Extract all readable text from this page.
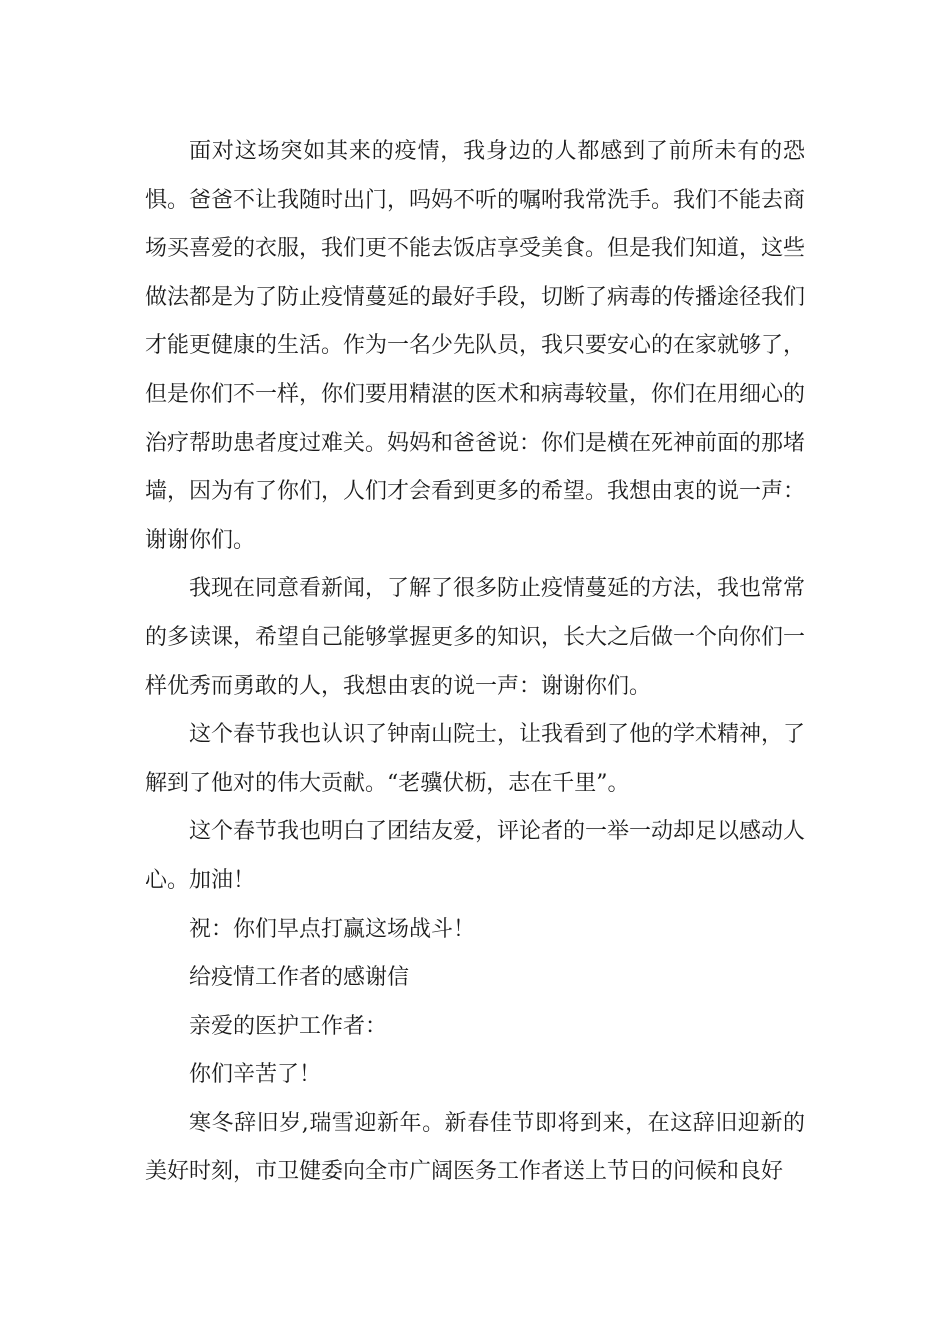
面对这场突如其来的疫情，我身边的人都感到了前所未有的恐惧。爸爸不让我随时出门，吗妈不听的嘱咐我常洗手。我们不能去商场买喜爱的衣服，我们更不能去饭店享受美食。但是我们知道，这些做法都是为了防止疫情蔓延的最好手段，切断了病毒的传播途径我们才能更健康的生活。作为一名少先队员，我只要安心的在家就够了，但是你们不一样，你们要用精湛的医术和病毒较量，你们在用细心的治疗帮助患者度过难关。妈妈和爸爸说：你们是横在死神前面的那堵墙，因为有了你们，人们才会看到更多的希望。我想由衷的说一声：谢谢你们。

我现在同意看新闻，了解了很多防止疫情蔓延的方法，我也常常的多读课，希望自己能够掌握更多的知识，长大之后做一个向你们一样优秀而勇敢的人，我想由衷的说一声：谢谢你们。

这个春节我也认识了钟南山院士，让我看到了他的学术精神，了解到了他对的伟大贡献。“老骥伏枥，志在千里”。

这个春节我也明白了团结友爱，评论者的一举一动却足以感动人心。加油！

祝：你们早点打赢这场战斗！

给疫情工作者的感谢信

亲爱的医护工作者：

你们辛苦了！

寒冬辞旧岁,瑞雪迎新年。新春佳节即将到来，在这辞旧迎新的美好时刻，市卫健委向全市广阔医务工作者送上节日的问候和良好
